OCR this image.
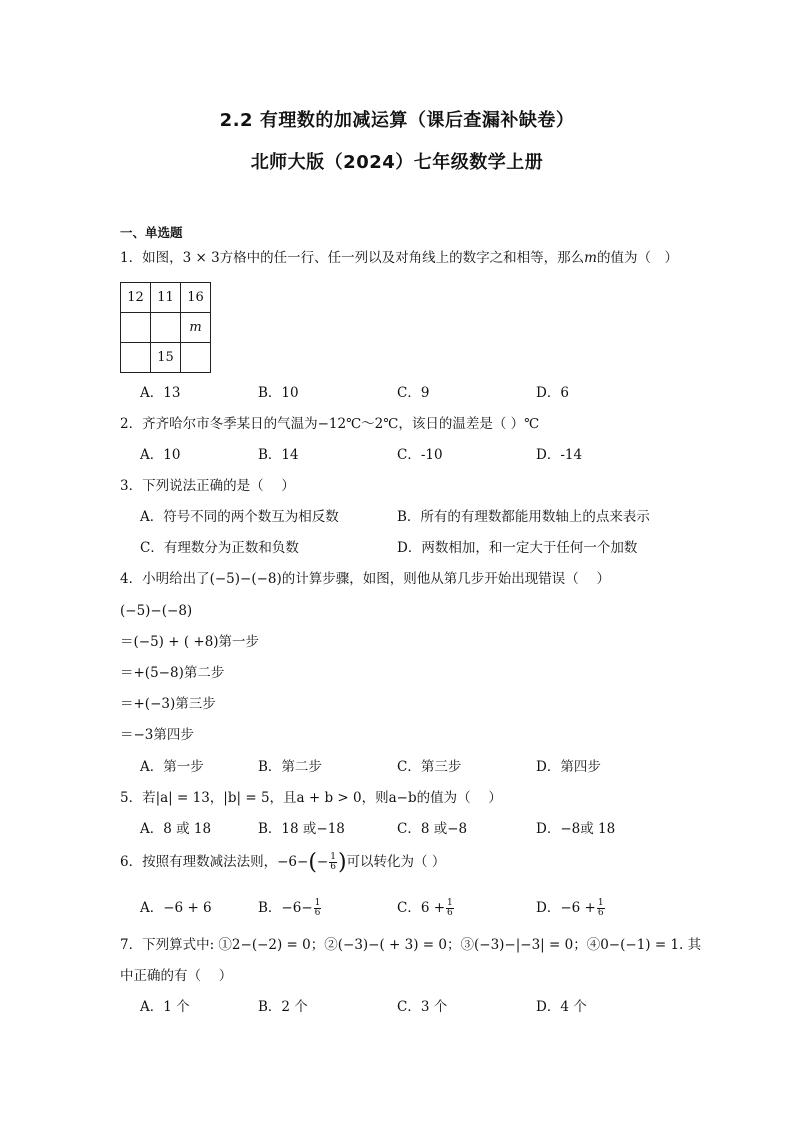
2.2 有理数的加减运算（课后查漏补缺卷）
北师大版（2024）七年级数学上册
一、单选题
1．如图，3 × 3方格中的任一行、任一列以及对角线上的数字之和相等，那么m的值为（　）
12	11	16
		m
	15	
A．13	B．10	C．9	D．6
2．齐齐哈尔市冬季某日的气温为−12℃～2℃，该日的温差是（ ）℃
A．10	B．14	C．-10	D．-14
3．下列说法正确的是（　 ）
A．符号不同的两个数互为相反数	B．所有的有理数都能用数轴上的点来表示
C．有理数分为正数和负数	D．两数相加，和一定大于任何一个加数
4．小明给出了(−5)−(−8)的计算步骤，如图，则他从第几步开始出现错误（　 ）
(−5)−(−8)
＝(−5) + ( +8)第一步
＝+(5−8)第二步
＝+(−3)第三步
＝−3第四步
A．第一步	B．第二步	C．第三步	D．第四步
5．若|a| = 13，|b| = 5，且a + b > 0，则a−b的值为（　 ）
A．8 或 18	B．18 或−18	C．8 或−8	D．−8或 18
6．按照有理数减法法则，$-6-(- \frac{1}{6}$ )可以转化为（ ）
A．−6 + 6	B．$-6- \frac{1}{6}$	C．$6 + \frac{1}{6}$	D．$-6 + \frac{1}{6}$
7．下列算式中: ①2−(−2) = 0；②(−3)−( + 3) = 0；③(−3)−|−3| = 0；④0−(−1) = 1. 其
中正确的有（　 ）
A．1 个	B．2 个	C．3 个	D．4 个
